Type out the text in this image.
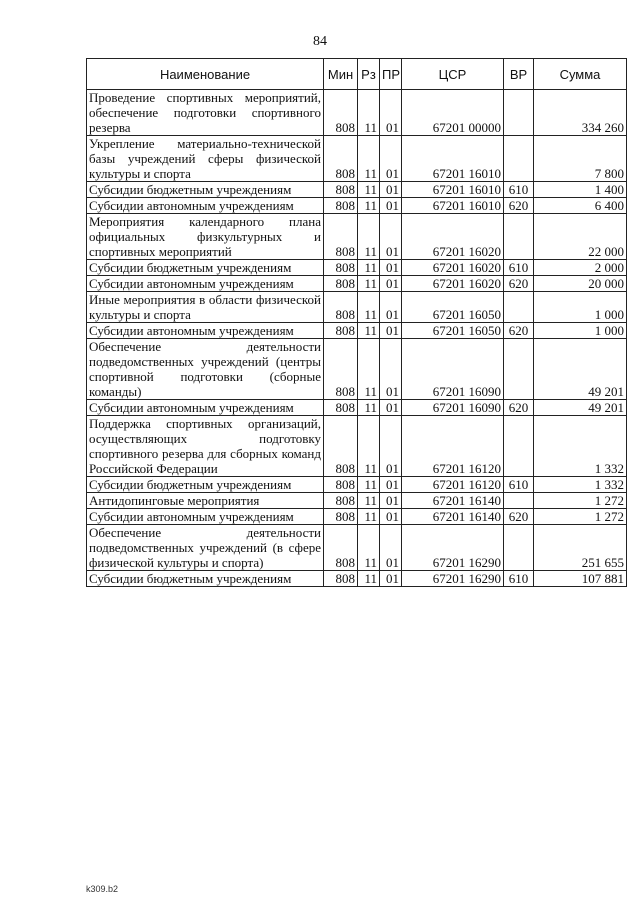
84
Наименование	Мин	Рз	ПР	ЦСР	ВР	Сумма
Проведение спортивных мероприятий, обеспечение подготовки спортивного резерва	808	11	01	67201 00000		334 260
Укрепление материально-технической базы учреждений сферы физической культуры и спорта	808	11	01	67201 16010		7 800
Субсидии бюджетным учреждениям	808	11	01	67201 16010	610	1 400
Субсидии автономным учреждениям	808	11	01	67201 16010	620	6 400
Мероприятия календарного плана официальных физкультурных и спортивных мероприятий	808	11	01	67201 16020		22 000
Субсидии бюджетным учреждениям	808	11	01	67201 16020	610	2 000
Субсидии автономным учреждениям	808	11	01	67201 16020	620	20 000
Иные мероприятия в области физической культуры и спорта	808	11	01	67201 16050		1 000
Субсидии автономным учреждениям	808	11	01	67201 16050	620	1 000
Обеспечение деятельности подведомственных учреждений (центры спортивной подготовки (сборные команды)	808	11	01	67201 16090		49 201
Субсидии автономным учреждениям	808	11	01	67201 16090	620	49 201
Поддержка спортивных организаций, осуществляющих подготовку спортивного резерва для сборных команд Российской Федерации	808	11	01	67201 16120		1 332
Субсидии бюджетным учреждениям	808	11	01	67201 16120	610	1 332
Антидопинговые мероприятия	808	11	01	67201 16140		1 272
Субсидии автономным учреждениям	808	11	01	67201 16140	620	1 272
Обеспечение деятельности подведомственных учреждений (в сфере физической культуры и спорта)	808	11	01	67201 16290		251 655
Субсидии бюджетным учреждениям	808	11	01	67201 16290	610	107 881
k309.b2
